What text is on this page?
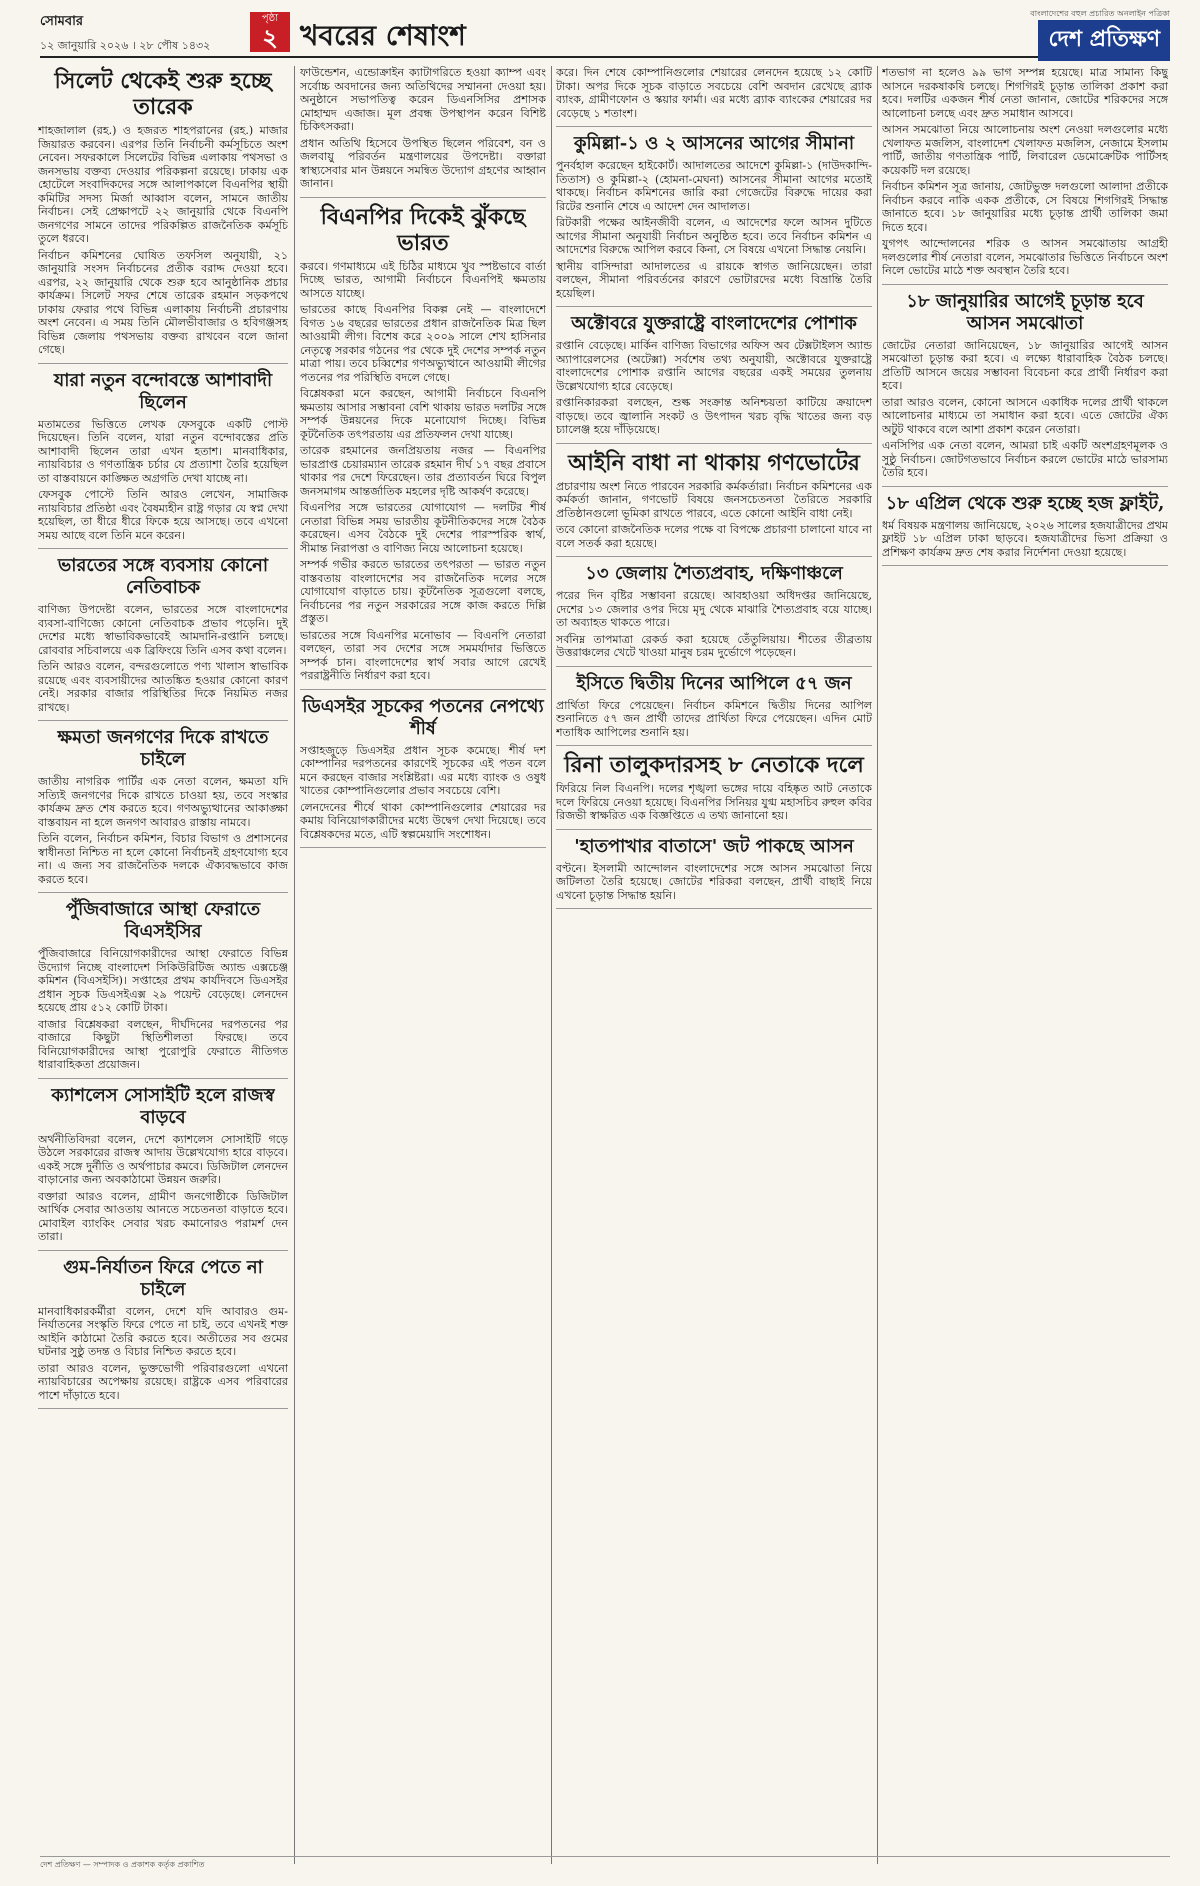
সোমবার
১২ জানুয়ারি ২০২৬ । ২৮ পৌষ ১৪৩২
পৃষ্ঠা
২ খবরের শেষাংশ
বাংলাদেশের বহুল প্রচারিত অনলাইন পত্রিকা
দেশ প্রতিক্ষণ
সিলেট থেকেই শুরু হচ্ছে তারেক

শাহজালাল (রহ.) ও হজরত শাহপরানের (রহ.) মাজার জিয়ারত করবেন। এরপর তিনি নির্বাচনী কর্মসূচিতে অংশ নেবেন। সফরকালে সিলেটের বিভিন্ন এলাকায় পথসভা ও জনসভায় বক্তব্য দেওয়ার পরিকল্পনা রয়েছে। ঢাকায় এক হোটেলে সংবাদিকদের সঙ্গে আলাপকালে বিএনপির স্থায়ী কমিটির সদস্য মির্জা আব্বাস বলেন, সামনে জাতীয় নির্বাচন। সেই প্রেক্ষাপটে ২২ জানুয়ারি থেকে বিএনপি জনগণের সামনে তাদের পরিকল্পিত রাজনৈতিক কর্মসূচি তুলে ধরবে।

নির্বাচন কমিশনের ঘোষিত তফসিল অনুযায়ী, ২১ জানুয়ারি সংসদ নির্বাচনের প্রতীক বরাদ্দ দেওয়া হবে। এরপর, ২২ জানুয়ারি থেকে শুরু হবে আনুষ্ঠানিক প্রচার কার্যক্রম। সিলেট সফর শেষে তারেক রহমান সড়কপথে ঢাকায় ফেরার পথে বিভিন্ন এলাকায় নির্বাচনী প্রচারণায় অংশ নেবেন। এ সময় তিনি মৌলভীবাজার ও হবিগঞ্জসহ বিভিন্ন জেলায় পথসভায় বক্তব্য রাখবেন বলে জানা গেছে।

যারা নতুন বন্দোবস্তে আশাবাদী ছিলেন

মতামতের ভিত্তিতে লেখক ফেসবুকে একটি পোস্ট দিয়েছেন। তিনি বলেন, যারা নতুন বন্দোবস্তের প্রতি আশাবাদী ছিলেন তারা এখন হতাশ। মানবাধিকার, ন্যায়বিচার ও গণতান্ত্রিক চর্চার যে প্রত্যাশা তৈরি হয়েছিল তা বাস্তবায়নে কাঙ্ক্ষিত অগ্রগতি দেখা যাচ্ছে না।

ফেসবুক পোস্টে তিনি আরও লেখেন, সামাজিক ন্যায়বিচার প্রতিষ্ঠা এবং বৈষম্যহীন রাষ্ট্র গড়ার যে স্বপ্ন দেখা হয়েছিল, তা ধীরে ধীরে ফিকে হয়ে আসছে। তবে এখনো সময় আছে বলে তিনি মনে করেন।

ভারতের সঙ্গে ব্যবসায় কোনো নেতিবাচক

বাণিজ্য উপদেষ্টা বলেন, ভারতের সঙ্গে বাংলাদেশের ব্যবসা-বাণিজ্যে কোনো নেতিবাচক প্রভাব পড়েনি। দুই দেশের মধ্যে স্বাভাবিকভাবেই আমদানি-রপ্তানি চলছে। রোববার সচিবালয়ে এক ব্রিফিংয়ে তিনি এসব কথা বলেন।

তিনি আরও বলেন, বন্দরগুলোতে পণ্য খালাস স্বাভাবিক রয়েছে এবং ব্যবসায়ীদের আতঙ্কিত হওয়ার কোনো কারণ নেই। সরকার বাজার পরিস্থিতির দিকে নিয়মিত নজর রাখছে।

ক্ষমতা জনগণের দিকে রাখতে চাইলে

জাতীয় নাগরিক পার্টির এক নেতা বলেন, ক্ষমতা যদি সত্যিই জনগণের দিকে রাখতে চাওয়া হয়, তবে সংস্কার কার্যক্রম দ্রুত শেষ করতে হবে। গণঅভ্যুত্থানের আকাঙ্ক্ষা বাস্তবায়ন না হলে জনগণ আবারও রাস্তায় নামবে।

তিনি বলেন, নির্বাচন কমিশন, বিচার বিভাগ ও প্রশাসনের স্বাধীনতা নিশ্চিত না হলে কোনো নির্বাচনই গ্রহণযোগ্য হবে না। এ জন্য সব রাজনৈতিক দলকে ঐক্যবদ্ধভাবে কাজ করতে হবে।

পুঁজিবাজারে আস্থা ফেরাতে বিএসইসির

পুঁজিবাজারে বিনিয়োগকারীদের আস্থা ফেরাতে বিভিন্ন উদ্যোগ নিচ্ছে বাংলাদেশ সিকিউরিটিজ অ্যান্ড এক্সচেঞ্জ কমিশন (বিএসইসি)। সপ্তাহের প্রথম কার্যদিবসে ডিএসইর প্রধান সূচক ডিএসইএক্স ২৯ পয়েন্ট বেড়েছে। লেনদেন হয়েছে প্রায় ৫১২ কোটি টাকা।

বাজার বিশ্লেষকরা বলছেন, দীর্ঘদিনের দরপতনের পর বাজারে কিছুটা স্থিতিশীলতা ফিরছে। তবে বিনিয়োগকারীদের আস্থা পুরোপুরি ফেরাতে নীতিগত ধারাবাহিকতা প্রয়োজন।

ক্যাশলেস সোসাইটি হলে রাজস্ব বাড়বে

অর্থনীতিবিদরা বলেন, দেশে ক্যাশলেস সোসাইটি গড়ে উঠলে সরকারের রাজস্ব আদায় উল্লেখযোগ্য হারে বাড়বে। একই সঙ্গে দুর্নীতি ও অর্থপাচার কমবে। ডিজিটাল লেনদেন বাড়ানোর জন্য অবকাঠামো উন্নয়ন জরুরি।

বক্তারা আরও বলেন, গ্রামীণ জনগোষ্ঠীকে ডিজিটাল আর্থিক সেবার আওতায় আনতে সচেতনতা বাড়াতে হবে। মোবাইল ব্যাংকিং সেবার খরচ কমানোরও পরামর্শ দেন তারা।

গুম-নির্যাতন ফিরে পেতে না চাইলে

মানবাধিকারকর্মীরা বলেন, দেশে যদি আবারও গুম-নির্যাতনের সংস্কৃতি ফিরে পেতে না চাই, তবে এখনই শক্ত আইনি কাঠামো তৈরি করতে হবে। অতীতের সব গুমের ঘটনার সুষ্ঠু তদন্ত ও বিচার নিশ্চিত করতে হবে।

তারা আরও বলেন, ভুক্তভোগী পরিবারগুলো এখনো ন্যায়বিচারের অপেক্ষায় রয়েছে। রাষ্ট্রকে এসব পরিবারের পাশে দাঁড়াতে হবে।

ফাউন্ডেশন, এন্ডোক্রাইন ক্যাটাগরিতে হওয়া ক্যাম্প এবং সর্বোচ্চ অবদানের জন্য অতিথিদের সম্মাননা দেওয়া হয়। অনুষ্ঠানে সভাপতিত্ব করেন ডিএনসিসির প্রশাসক মোহাম্মদ এজাজ। মূল প্রবন্ধ উপস্থাপন করেন বিশিষ্ট চিকিৎসকরা।

প্রধান অতিথি হিসেবে উপস্থিত ছিলেন পরিবেশ, বন ও জলবায়ু পরিবর্তন মন্ত্রণালয়ের উপদেষ্টা। বক্তারা স্বাস্থ্যসেবার মান উন্নয়নে সমন্বিত উদ্যোগ গ্রহণের আহ্বান জানান।

বিএনপির দিকেই ঝুঁকছে ভারত

করবে। গণমাধ্যমে এই চিঠির মাধ্যমে খুব স্পষ্টভাবে বার্তা দিচ্ছে ভারত, আগামী নির্বাচনে বিএনপিই ক্ষমতায় আসতে যাচ্ছে।

ভারতের কাছে বিএনপির বিকল্প নেই — বাংলাদেশে বিগত ১৬ বছরের ভারতের প্রধান রাজনৈতিক মিত্র ছিল আওয়ামী লীগ। বিশেষ করে ২০০৯ সালে শেখ হাসিনার নেতৃত্বে সরকার গঠনের পর থেকে দুই দেশের সম্পর্ক নতুন মাত্রা পায়। তবে চব্বিশের গণঅভ্যুত্থানে আওয়ামী লীগের পতনের পর পরিস্থিতি বদলে গেছে।

বিশ্লেষকরা মনে করছেন, আগামী নির্বাচনে বিএনপি ক্ষমতায় আসার সম্ভাবনা বেশি থাকায় ভারত দলটির সঙ্গে সম্পর্ক উন্নয়নের দিকে মনোযোগ দিচ্ছে। বিভিন্ন কূটনৈতিক তৎপরতায় এর প্রতিফলন দেখা যাচ্ছে।

তারেক রহমানের জনপ্রিয়তায় নজর — বিএনপির ভারপ্রাপ্ত চেয়ারম্যান তারেক রহমান দীর্ঘ ১৭ বছর প্রবাসে থাকার পর দেশে ফিরেছেন। তার প্রত্যাবর্তন ঘিরে বিপুল জনসমাগম আন্তর্জাতিক মহলের দৃষ্টি আকর্ষণ করেছে।

বিএনপির সঙ্গে ভারতের যোগাযোগ — দলটির শীর্ষ নেতারা বিভিন্ন সময় ভারতীয় কূটনীতিকদের সঙ্গে বৈঠক করেছেন। এসব বৈঠকে দুই দেশের পারস্পরিক স্বার্থ, সীমান্ত নিরাপত্তা ও বাণিজ্য নিয়ে আলোচনা হয়েছে।

সম্পর্ক গভীর করতে ভারতের তৎপরতা — ভারত নতুন বাস্তবতায় বাংলাদেশের সব রাজনৈতিক দলের সঙ্গে যোগাযোগ বাড়াতে চায়। কূটনৈতিক সূত্রগুলো বলছে, নির্বাচনের পর নতুন সরকারের সঙ্গে কাজ করতে দিল্লি প্রস্তুত।

ভারতের সঙ্গে বিএনপির মনোভাব — বিএনপি নেতারা বলছেন, তারা সব দেশের সঙ্গে সমমর্যাদার ভিত্তিতে সম্পর্ক চান। বাংলাদেশের স্বার্থ সবার আগে রেখেই পররাষ্ট্রনীতি নির্ধারণ করা হবে।

ডিএসইর সূচকের পতনের নেপথ্যে শীর্ষ

সপ্তাহজুড়ে ডিএসইর প্রধান সূচক কমেছে। শীর্ষ দশ কোম্পানির দরপতনের কারণেই সূচকের এই পতন বলে মনে করছেন বাজার সংশ্লিষ্টরা। এর মধ্যে ব্যাংক ও ওষুধ খাতের কোম্পানিগুলোর প্রভাব সবচেয়ে বেশি।

লেনদেনের শীর্ষে থাকা কোম্পানিগুলোর শেয়ারের দর কমায় বিনিয়োগকারীদের মধ্যে উদ্বেগ দেখা দিয়েছে। তবে বিশ্লেষকদের মতে, এটি স্বল্পমেয়াদি সংশোধন।

করে। দিন শেষে কোম্পানিগুলোর শেয়ারের লেনদেন হয়েছে ১২ কোটি টাকা। অপর দিকে সূচক বাড়াতে সবচেয়ে বেশি অবদান রেখেছে ব্র্যাক ব্যাংক, গ্রামীণফোন ও স্কয়ার ফার্মা। এর মধ্যে ব্র্যাক ব্যাংকের শেয়ারের দর বেড়েছে ১ শতাংশ।

কুমিল্লা-১ ও ২ আসনের আগের সীমানা

পুনর্বহাল করেছেন হাইকোর্ট। আদালতের আদেশে কুমিল্লা-১ (দাউদকান্দি-তিতাস) ও কুমিল্লা-২ (হোমনা-মেঘনা) আসনের সীমানা আগের মতোই থাকছে। নির্বাচন কমিশনের জারি করা গেজেটের বিরুদ্ধে দায়ের করা রিটের শুনানি শেষে এ আদেশ দেন আদালত।

রিটকারী পক্ষের আইনজীবী বলেন, এ আদেশের ফলে আসন দুটিতে আগের সীমানা অনুযায়ী নির্বাচন অনুষ্ঠিত হবে। তবে নির্বাচন কমিশন এ আদেশের বিরুদ্ধে আপিল করবে কিনা, সে বিষয়ে এখনো সিদ্ধান্ত নেয়নি।

স্থানীয় বাসিন্দারা আদালতের এ রায়কে স্বাগত জানিয়েছেন। তারা বলছেন, সীমানা পরিবর্তনের কারণে ভোটারদের মধ্যে বিভ্রান্তি তৈরি হয়েছিল।

অক্টোবরে যুক্তরাষ্ট্রে বাংলাদেশের পোশাক

রপ্তানি বেড়েছে। মার্কিন বাণিজ্য বিভাগের অফিস অব টেক্সটাইলস অ্যান্ড অ্যাপারেলসের (অটেক্সা) সর্বশেষ তথ্য অনুযায়ী, অক্টোবরে যুক্তরাষ্ট্রে বাংলাদেশের পোশাক রপ্তানি আগের বছরের একই সময়ের তুলনায় উল্লেখযোগ্য হারে বেড়েছে।

রপ্তানিকারকরা বলছেন, শুল্ক সংক্রান্ত অনিশ্চয়তা কাটিয়ে ক্রয়াদেশ বাড়ছে। তবে জ্বালানি সংকট ও উৎপাদন খরচ বৃদ্ধি খাতের জন্য বড় চ্যালেঞ্জ হয়ে দাঁড়িয়েছে।

আইনি বাধা না থাকায় গণভোটের

প্রচারণায় অংশ নিতে পারবেন সরকারি কর্মকর্তারা। নির্বাচন কমিশনের এক কর্মকর্তা জানান, গণভোট বিষয়ে জনসচেতনতা তৈরিতে সরকারি প্রতিষ্ঠানগুলো ভূমিকা রাখতে পারবে, এতে কোনো আইনি বাধা নেই।

তবে কোনো রাজনৈতিক দলের পক্ষে বা বিপক্ষে প্রচারণা চালানো যাবে না বলে সতর্ক করা হয়েছে।

১৩ জেলায় শৈত্যপ্রবাহ, দক্ষিণাঞ্চলে

পরের দিন বৃষ্টির সম্ভাবনা রয়েছে। আবহাওয়া অধিদপ্তর জানিয়েছে, দেশের ১৩ জেলার ওপর দিয়ে মৃদু থেকে মাঝারি শৈত্যপ্রবাহ বয়ে যাচ্ছে। তা অব্যাহত থাকতে পারে।

সর্বনিম্ন তাপমাত্রা রেকর্ড করা হয়েছে তেঁতুলিয়ায়। শীতের তীব্রতায় উত্তরাঞ্চলের খেটে খাওয়া মানুষ চরম দুর্ভোগে পড়েছেন।

ইসিতে দ্বিতীয় দিনের আপিলে ৫৭ জন

প্রার্থিতা ফিরে পেয়েছেন। নির্বাচন কমিশনে দ্বিতীয় দিনের আপিল শুনানিতে ৫৭ জন প্রার্থী তাদের প্রার্থিতা ফিরে পেয়েছেন। এদিন মোট শতাধিক আপিলের শুনানি হয়।

রিনা তালুকদারসহ ৮ নেতাকে দলে

ফিরিয়ে নিল বিএনপি। দলের শৃঙ্খলা ভঙ্গের দায়ে বহিষ্কৃত আট নেতাকে দলে ফিরিয়ে নেওয়া হয়েছে। বিএনপির সিনিয়র যুগ্ম মহাসচিব রুহুল কবির রিজভী স্বাক্ষরিত এক বিজ্ঞপ্তিতে এ তথ্য জানানো হয়।

'হাতপাখার বাতাসে' জট পাকছে আসন

বণ্টনে। ইসলামী আন্দোলন বাংলাদেশের সঙ্গে আসন সমঝোতা নিয়ে জটিলতা তৈরি হয়েছে। জোটের শরিকরা বলছেন, প্রার্থী বাছাই নিয়ে এখনো চূড়ান্ত সিদ্ধান্ত হয়নি।

শতভাগ না হলেও ৯৯ ভাগ সম্পন্ন হয়েছে। মাত্র সামান্য কিছু আসনে দরকষাকষি চলছে। শিগগিরই চূড়ান্ত তালিকা প্রকাশ করা হবে। দলটির একজন শীর্ষ নেতা জানান, জোটের শরিকদের সঙ্গে আলোচনা চলছে এবং দ্রুত সমাধান আসবে।

আসন সমঝোতা নিয়ে আলোচনায় অংশ নেওয়া দলগুলোর মধ্যে খেলাফত মজলিস, বাংলাদেশ খেলাফত মজলিস, নেজামে ইসলাম পার্টি, জাতীয় গণতান্ত্রিক পার্টি, লিবারেল ডেমোক্রেটিক পার্টিসহ কয়েকটি দল রয়েছে।

নির্বাচন কমিশন সূত্র জানায়, জোটভুক্ত দলগুলো আলাদা প্রতীকে নির্বাচন করবে নাকি একক প্রতীকে, সে বিষয়ে শিগগিরই সিদ্ধান্ত জানাতে হবে। ১৮ জানুয়ারির মধ্যে চূড়ান্ত প্রার্থী তালিকা জমা দিতে হবে।

যুগপৎ আন্দোলনের শরিক ও আসন সমঝোতায় আগ্রহী দলগুলোর শীর্ষ নেতারা বলেন, সমঝোতার ভিত্তিতে নির্বাচনে অংশ নিলে ভোটের মাঠে শক্ত অবস্থান তৈরি হবে।

১৮ জানুয়ারির আগেই চূড়ান্ত হবে আসন সমঝোতা

জোটের নেতারা জানিয়েছেন, ১৮ জানুয়ারির আগেই আসন সমঝোতা চূড়ান্ত করা হবে। এ লক্ষ্যে ধারাবাহিক বৈঠক চলছে। প্রতিটি আসনে জয়ের সম্ভাবনা বিবেচনা করে প্রার্থী নির্ধারণ করা হবে।

তারা আরও বলেন, কোনো আসনে একাধিক দলের প্রার্থী থাকলে আলোচনার মাধ্যমে তা সমাধান করা হবে। এতে জোটের ঐক্য অটুট থাকবে বলে আশা প্রকাশ করেন নেতারা।

এনসিপির এক নেতা বলেন, আমরা চাই একটি অংশগ্রহণমূলক ও সুষ্ঠু নির্বাচন। জোটগতভাবে নির্বাচন করলে ভোটের মাঠে ভারসাম্য তৈরি হবে।

১৮ এপ্রিল থেকে শুরু হচ্ছে হজ ফ্লাইট,

ধর্ম বিষয়ক মন্ত্রণালয় জানিয়েছে, ২০২৬ সালের হজযাত্রীদের প্রথম ফ্লাইট ১৮ এপ্রিল ঢাকা ছাড়বে। হজযাত্রীদের ভিসা প্রক্রিয়া ও প্রশিক্ষণ কার্যক্রম দ্রুত শেষ করার নির্দেশনা দেওয়া হয়েছে।

দেশ প্রতিক্ষণ — সম্পাদক ও প্রকাশক কর্তৃক প্রকাশিত
